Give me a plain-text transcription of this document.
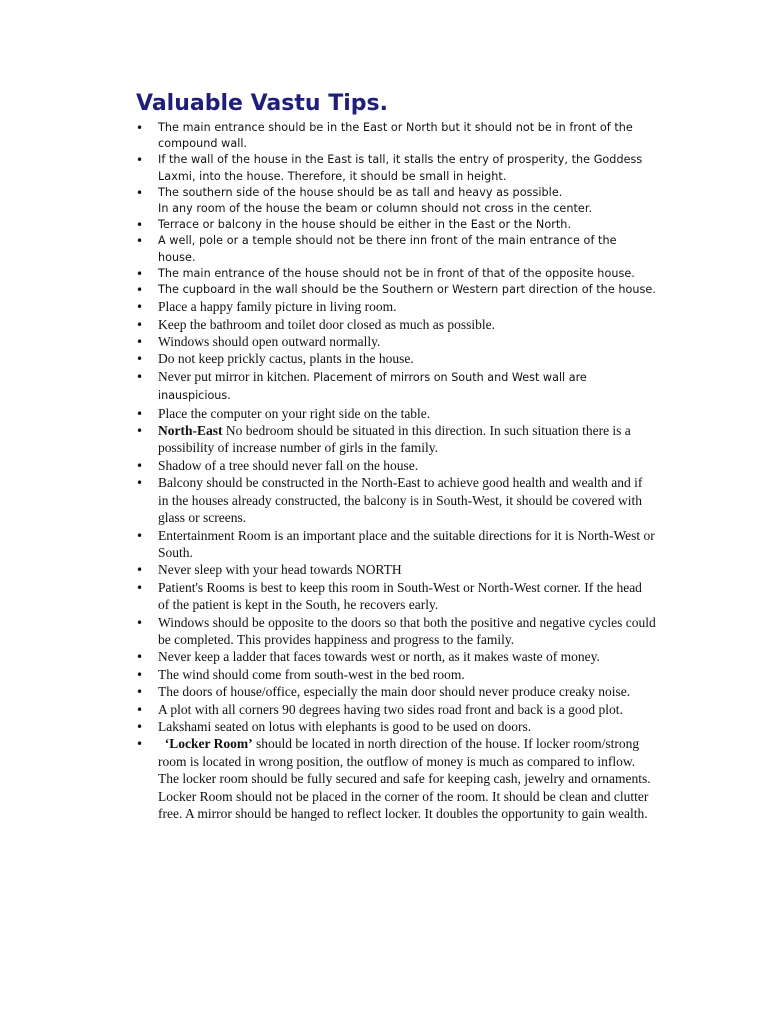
Valuable Vastu Tips.
• The main entrance should be in the East or North but it should not be in front of the compound wall.
• If the wall of the house in the East is tall, it stalls the entry of prosperity, the Goddess Laxmi, into the house. Therefore, it should be small in height.
• The southern side of the house should be as tall and heavy as possible.
In any room of the house the beam or column should not cross in the center.
• Terrace or balcony in the house should be either in the East or the North.
• A well, pole or a temple should not be there inn front of the main entrance of the house.
• The main entrance of the house should not be in front of that of the opposite house.
• The cupboard in the wall should be the Southern or Western part direction of the house.
• Place a happy family picture in living room.
• Keep the bathroom and toilet door closed as much as possible.
• Windows should open outward normally.
• Do not keep prickly cactus, plants in the house.
• Never put mirror in kitchen. Placement of mirrors on South and West wall are inauspicious.
• Place the computer on your right side on the table.
• North-East No bedroom should be situated in this direction. In such situation there is a possibility of increase number of girls in the family.
• Shadow of a tree should never fall on the house.
• Balcony should be constructed in the North-East to achieve good health and wealth and if in the houses already constructed, the balcony is in South-West, it should be covered with glass or screens.
• Entertainment Room is an important place and the suitable directions for it is North-West or South.
• Never sleep with your head towards NORTH
• Patient's Rooms is best to keep this room in South-West or North-West corner. If the head of the patient is kept in the South, he recovers early.
• Windows should be opposite to the doors so that both the positive and negative cycles could be completed. This provides happiness and progress to the family.
• Never keep a ladder that faces towards west or north, as it makes waste of money.
• The wind should come from south-west in the bed room.
• The doors of house/office, especially the main door should never produce creaky noise.
• A plot with all corners 90 degrees having two sides road front and back is a good plot.
• Lakshami seated on lotus with elephants is good to be used on doors.
• ‘Locker Room’ should be located in north direction of the house. If locker room/strong room is located in wrong position, the outflow of money is much as compared to inflow. The locker room should be fully secured and safe for keeping cash, jewelry and ornaments. Locker Room should not be placed in the corner of the room. It should be clean and clutter free. A mirror should be hanged to reflect locker. It doubles the opportunity to gain wealth.
